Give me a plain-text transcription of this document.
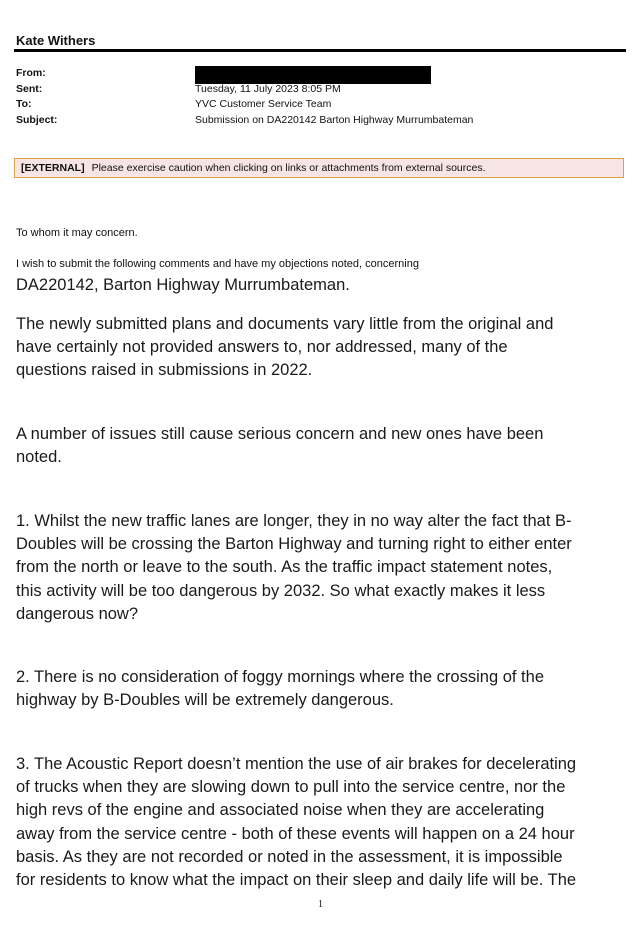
Kate Withers
From:
Sent:	Tuesday, 11 July 2023 8:05 PM
To:	YVC Customer Service Team
Subject:	Submission on DA220142 Barton Highway Murrumbateman
[EXTERNAL] Please exercise caution when clicking on links or attachments from external sources.
To whom it may concern.
I wish to submit the following comments and have my objections noted, concerning
DA220142, Barton Highway Murrumbateman.
The newly submitted plans and documents vary little from the original and
have certainly not provided answers to, nor addressed, many of the
questions raised in submissions in 2022.
A number of issues still cause serious concern and new ones have been
noted.
1. Whilst the new traffic lanes are longer, they in no way alter the fact that B-
Doubles will be crossing the Barton Highway and turning right to either enter
from the north or leave to the south. As the traffic impact statement notes,
this activity will be too dangerous by 2032. So what exactly makes it less
dangerous now?
2. There is no consideration of foggy mornings where the crossing of the
highway by B-Doubles will be extremely dangerous.
3. The Acoustic Report doesn’t mention the use of air brakes for decelerating
of trucks when they are slowing down to pull into the service centre, nor the
high revs of the engine and associated noise when they are accelerating
away from the service centre - both of these events will happen on a 24 hour
basis. As they are not recorded or noted in the assessment, it is impossible
for residents to know what the impact on their sleep and daily life will be. The
1
